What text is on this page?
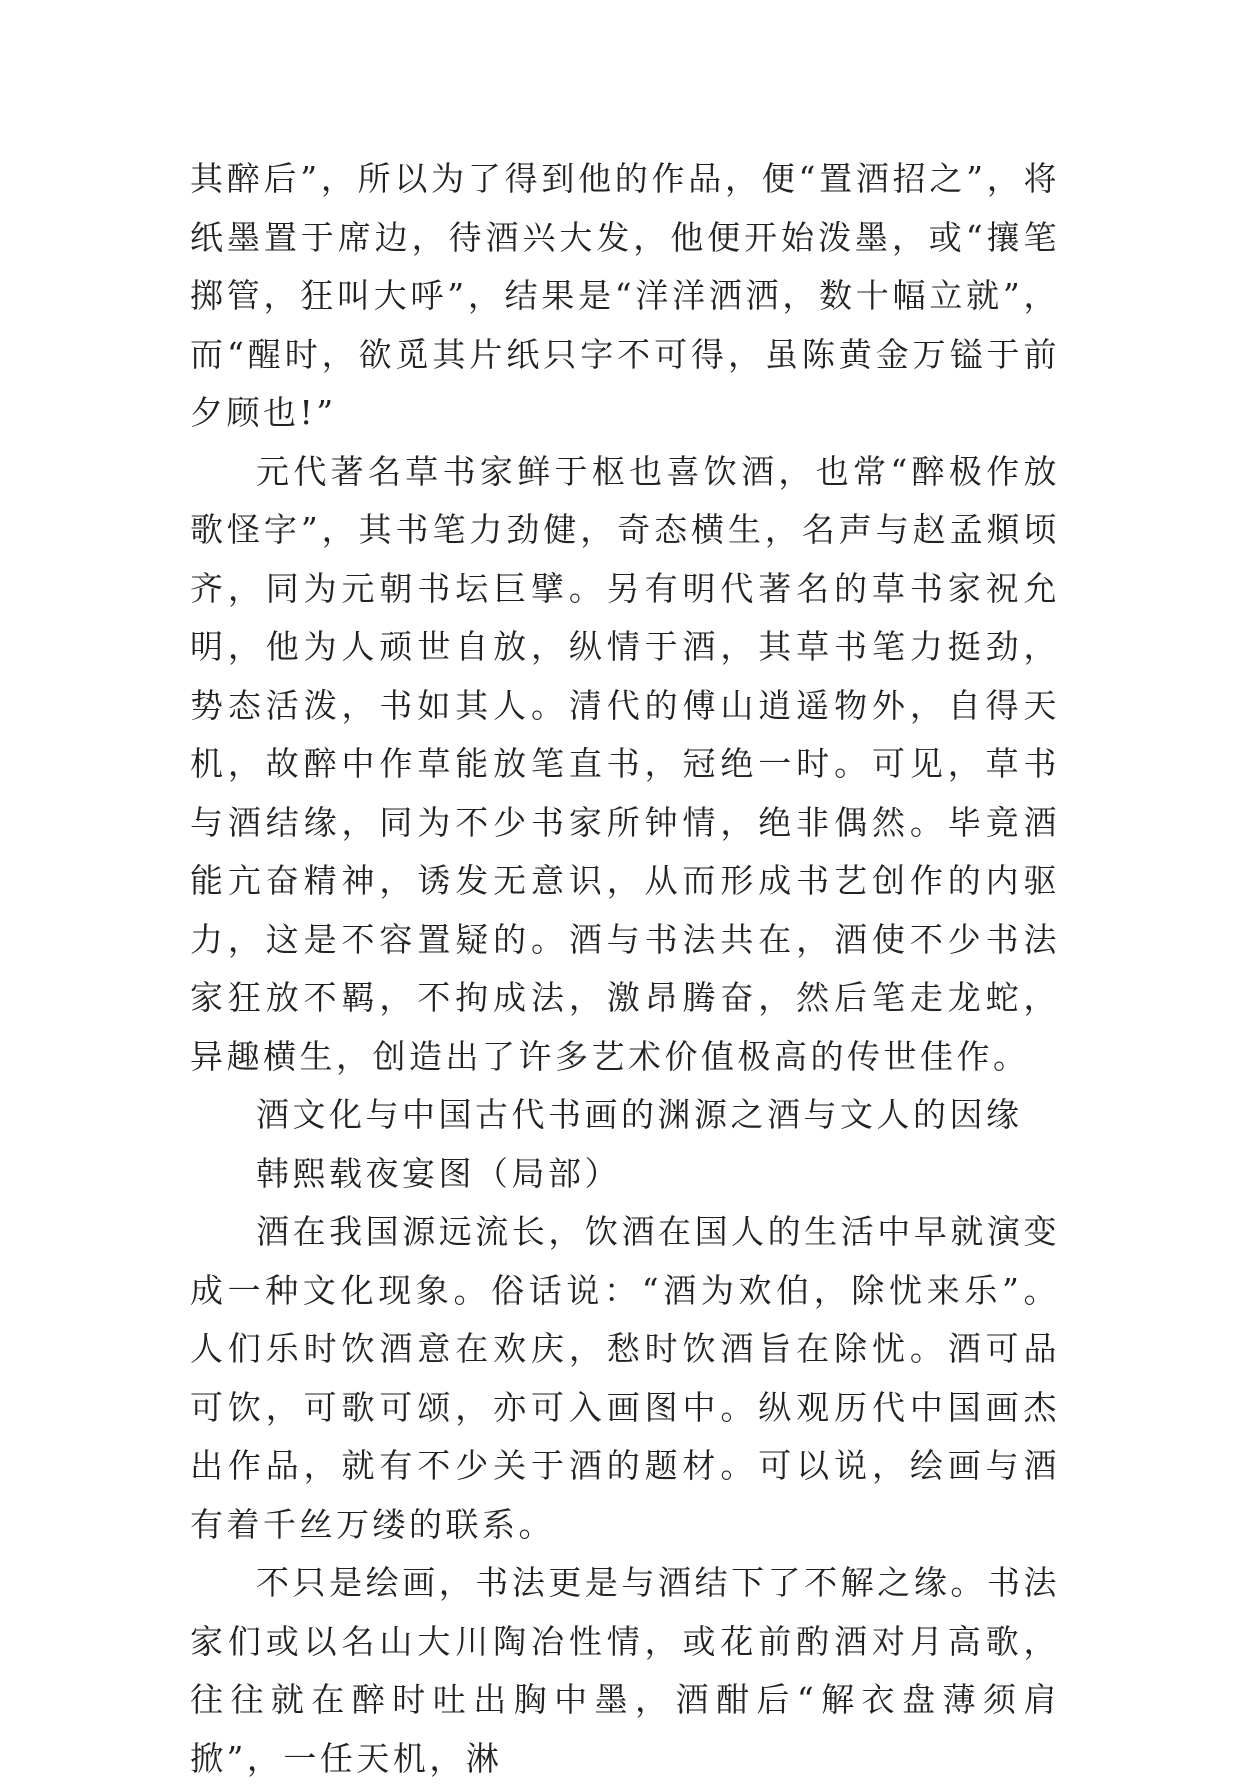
其醉后”，所以为了得到他的作品，便“置酒招之”，将纸墨置于席边，待酒兴大发，他便开始泼墨，或“攘笔掷管，狂叫大呼”，结果是“洋洋洒洒，数十幅立就”，而“醒时，欲觅其片纸只字不可得，虽陈黄金万镒于前夕顾也!”

元代著名草书家鲜于枢也喜饮酒，也常“醉极作放歌怪字”，其书笔力劲健，奇态横生，名声与赵孟頫顷齐，同为元朝书坛巨擘。另有明代著名的草书家祝允明，他为人顽世自放，纵情于酒，其草书笔力挺劲，势态活泼，书如其人。清代的傅山逍遥物外，自得天机，故醉中作草能放笔直书，冠绝一时。可见，草书与酒结缘，同为不少书家所钟情，绝非偶然。毕竟酒能亢奋精神，诱发无意识，从而形成书艺创作的内驱力，这是不容置疑的。酒与书法共在，酒使不少书法家狂放不羁，不拘成法，激昂腾奋，然后笔走龙蛇，异趣横生，创造出了许多艺术价值极高的传世佳作。

酒文化与中国古代书画的渊源之酒与文人的因缘

韩熙载夜宴图（局部）

酒在我国源远流长，饮酒在国人的生活中早就演变成一种文化现象。俗话说：“酒为欢伯，除忧来乐”。人们乐时饮酒意在欢庆，愁时饮酒旨在除忧。酒可品可饮，可歌可颂，亦可入画图中。纵观历代中国画杰出作品，就有不少关于酒的题材。可以说，绘画与酒有着千丝万缕的联系。

不只是绘画，书法更是与酒结下了不解之缘。书法家们或以名山大川陶冶性情，或花前酌酒对月高歌，往往就在醉时吐出胸中墨，酒酣后“解衣盘薄须肩掀”，一任天机，淋
